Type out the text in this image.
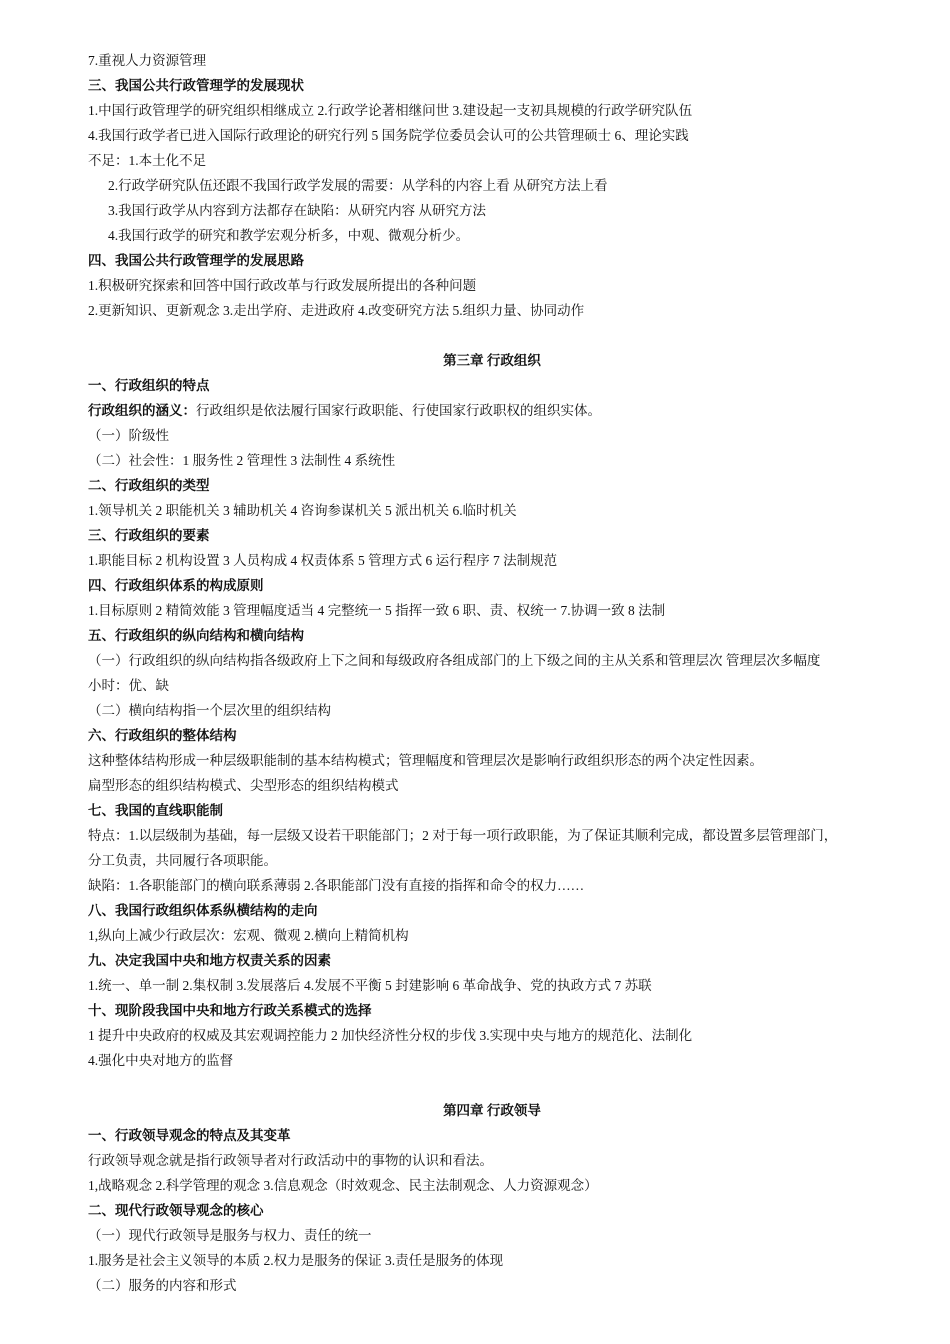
7.重视人力资源管理
三、我国公共行政管理学的发展现状
1.中国行政管理学的研究组织相继成立 2.行政学论著相继问世 3.建设起一支初具规模的行政学研究队伍
4.我国行政学者已进入国际行政理论的研究行列 5 国务院学位委员会认可的公共管理硕士 6、理论实践
不足：1.本土化不足
2.行政学研究队伍还跟不我国行政学发展的需要：从学科的内容上看 从研究方法上看
3.我国行政学从内容到方法都存在缺陷：从研究内容 从研究方法
4.我国行政学的研究和教学宏观分析多，中观、微观分析少。
四、我国公共行政管理学的发展思路
1.积极研究探索和回答中国行政改革与行政发展所提出的各种问题
2.更新知识、更新观念 3.走出学府、走进政府 4.改变研究方法 5.组织力量、协同动作
第三章 行政组织
一、行政组织的特点
行政组织的涵义：行政组织是依法履行国家行政职能、行使国家行政职权的组织实体。
（一）阶级性
（二）社会性：1 服务性 2 管理性 3 法制性 4 系统性
二、行政组织的类型
1.领导机关 2 职能机关 3 辅助机关 4 咨询参谋机关 5 派出机关 6.临时机关
三、行政组织的要素
1.职能目标 2 机构设置 3 人员构成 4 权责体系 5 管理方式 6 运行程序 7 法制规范
四、行政组织体系的构成原则
1.目标原则 2 精简效能 3 管理幅度适当 4 完整统一 5 指挥一致 6 职、责、权统一 7.协调一致 8 法制
五、行政组织的纵向结构和横向结构
（一）行政组织的纵向结构指各级政府上下之间和每级政府各组成部门的上下级之间的主从关系和管理层次 管理层次多幅度
小时：优、缺
（二）横向结构指一个层次里的组织结构
六、行政组织的整体结构
这种整体结构形成一种层级职能制的基本结构模式；管理幅度和管理层次是影响行政组织形态的两个决定性因素。
扁型形态的组织结构模式、尖型形态的组织结构模式
七、我国的直线职能制
特点：1.以层级制为基础，每一层级又设若干职能部门；2 对于每一项行政职能，为了保证其顺利完成，都设置多层管理部门，
分工负责，共同履行各项职能。
缺陷：1.各职能部门的横向联系薄弱 2.各职能部门没有直接的指挥和命令的权力……
八、我国行政组织体系纵横结构的走向
1,纵向上减少行政层次：宏观、微观 2.横向上精简机构
九、决定我国中央和地方权责关系的因素
1.统一、单一制 2.集权制 3.发展落后 4.发展不平衡 5 封建影响 6 革命战争、党的执政方式 7 苏联
十、现阶段我国中央和地方行政关系模式的选择
1 提升中央政府的权威及其宏观调控能力 2 加快经济性分权的步伐 3.实现中央与地方的规范化、法制化
4.强化中央对地方的监督
第四章 行政领导
一、行政领导观念的特点及其变革
行政领导观念就是指行政领导者对行政活动中的事物的认识和看法。
1,战略观念 2.科学管理的观念 3.信息观念（时效观念、民主法制观念、人力资源观念）
二、现代行政领导观念的核心
（一）现代行政领导是服务与权力、责任的统一
1.服务是社会主义领导的本质 2.权力是服务的保证 3.责任是服务的体现
（二）服务的内容和形式
